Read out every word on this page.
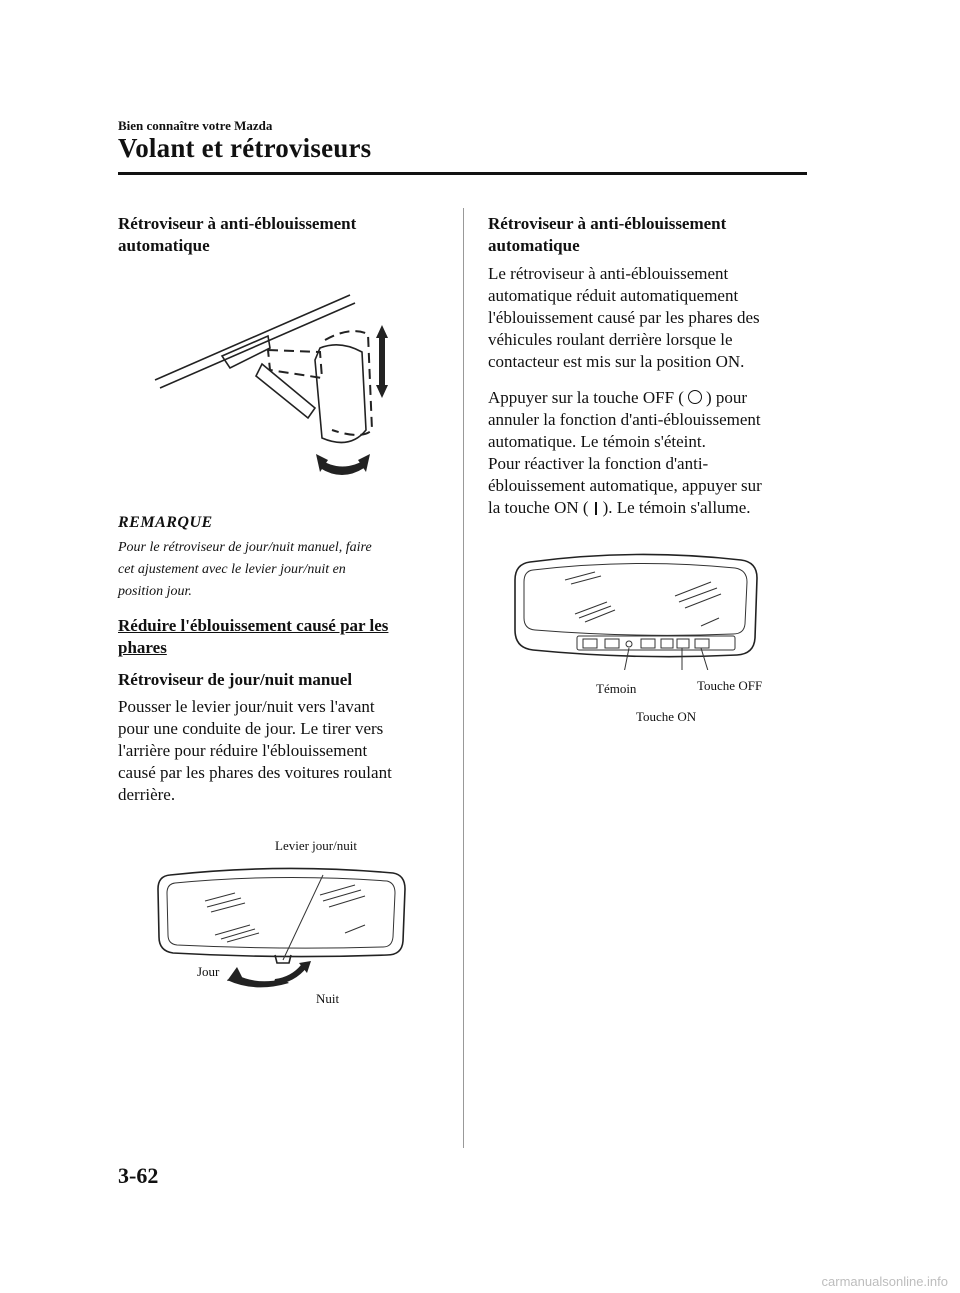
Bien connaître votre Mazda
Volant et rétroviseurs
Rétroviseur à anti-éblouissement
automatique
REMARQUE
Pour le rétroviseur de jour/nuit manuel, faire
cet ajustement avec le levier jour/nuit en
position jour.
Réduire l'éblouissement causé par les
phares
Rétroviseur de jour/nuit manuel
Pousser le levier jour/nuit vers l'avant
pour une conduite de jour. Le tirer vers
l'arrière pour réduire l'éblouissement
causé par les phares des voitures roulant
derrière.
Levier jour/nuit
Jour
Nuit
Rétroviseur à anti-éblouissement
automatique
Le rétroviseur à anti-éblouissement
automatique réduit automatiquement
l'éblouissement causé par les phares des
véhicules roulant derrière lorsque le
contacteur est mis sur la position ON.
Appuyer sur la touche OFF ( ) pour
annuler la fonction d'anti-éblouissement
automatique. Le témoin s'éteint.
Pour réactiver la fonction d'anti-
éblouissement automatique, appuyer sur
la touche ON ( ). Le témoin s'allume.
Témoin	Touche OFF
Touche ON
3-62
carmanualsonline.info
